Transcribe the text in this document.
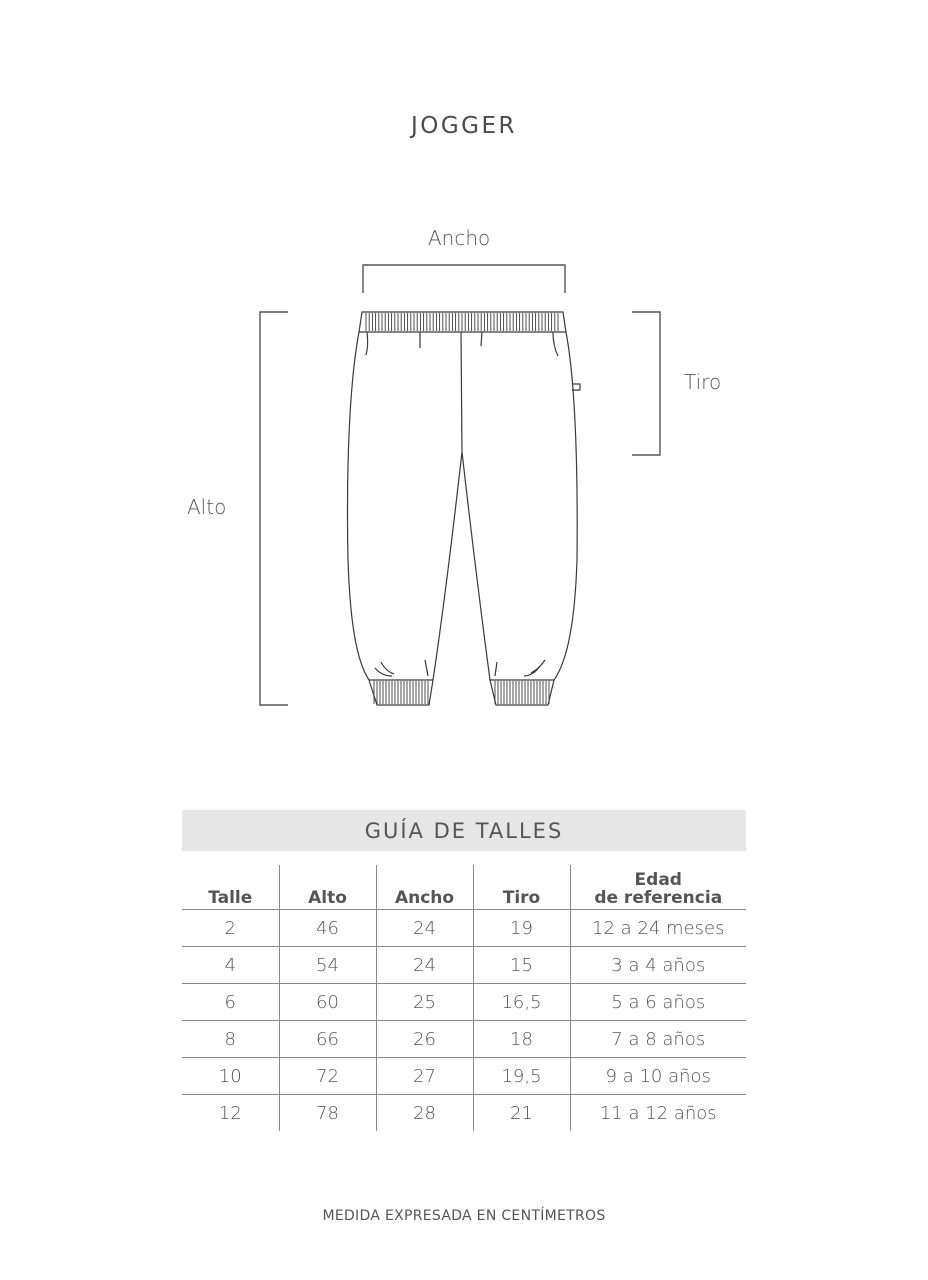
JOGGER
Ancho
Tiro
Alto
GUÍA DE TALLES
Talle	Alto	Ancho	Tiro	Edad
de referencia

2	46	24	19	12 a 24 meses
4	54	24	15	3 a 4 años
6	60	25	16,5	5 a 6 años
8	66	26	18	7 a 8 años
10	72	27	19,5	9 a 10 años
12	78	28	21	11 a 12 años
MEDIDA EXPRESADA EN CENTÍMETROS
